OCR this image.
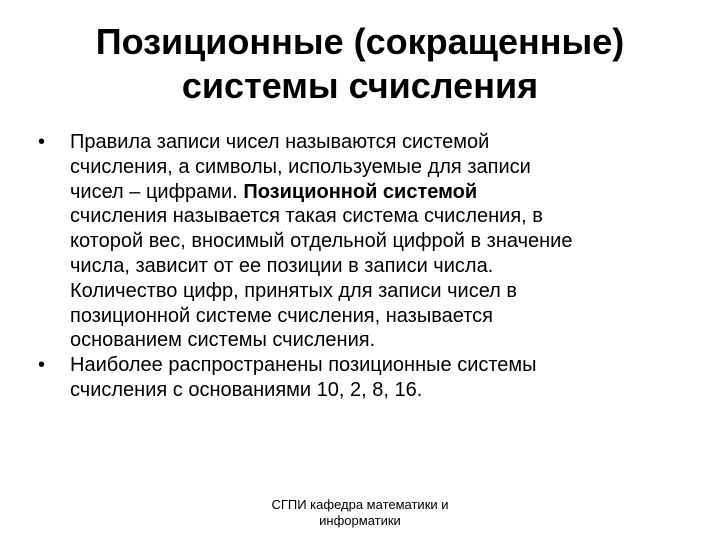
Позиционные (сокращенные)
системы счисления
•	Правила записи чисел называются системой
счисления, а символы, используемые для записи
чисел – цифрами. Позиционной системой
счисления называется такая система счисления, в
которой вес, вносимый отдельной цифрой в значение
числа, зависит от ее позиции в записи числа.
Количество цифр, принятых для записи чисел в
позиционной системе счисления, называется
основанием системы счисления.
•	Наиболее распространены позиционные системы
счисления с основаниями 10, 2, 8, 16.
СГПИ кафедра математики и
информатики
